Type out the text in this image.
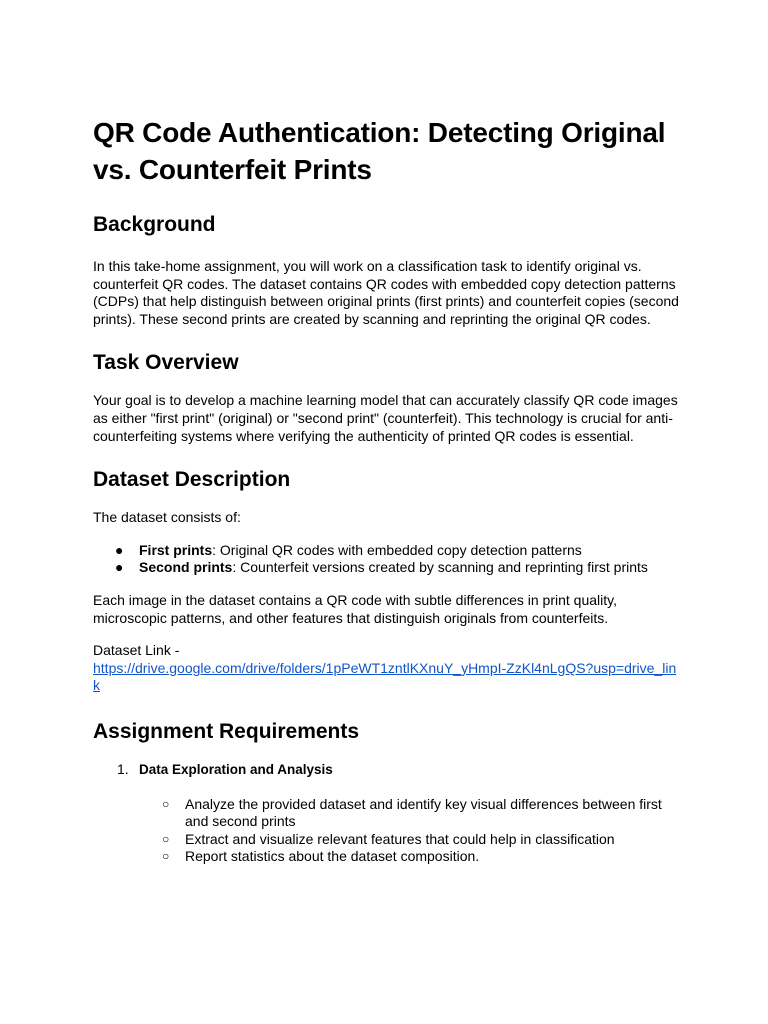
QR Code Authentication: Detecting Original vs. Counterfeit Prints
Background

In this take-home assignment, you will work on a classification task to identify original vs. counterfeit QR codes. The dataset contains QR codes with embedded copy detection patterns (CDPs) that help distinguish between original prints (first prints) and counterfeit copies (second prints). These second prints are created by scanning and reprinting the original QR codes.

Task Overview

Your goal is to develop a machine learning model that can accurately classify QR code images as either "first print" (original) or "second print" (counterfeit). This technology is crucial for anti-counterfeiting systems where verifying the authenticity of printed QR codes is essential.

Dataset Description

The dataset consists of:

● First prints: Original QR codes with embedded copy detection patterns
● Second prints: Counterfeit versions created by scanning and reprinting first prints

Each image in the dataset contains a QR code with subtle differences in print quality, microscopic patterns, and other features that distinguish originals from counterfeits.

Dataset Link -

https://drive.google.com/drive/folders/1pPeWT1zntlKXnuY_yHmpI-ZzKl4nLgQS?usp=drive_link
Assignment Requirements
1. Data Exploration and Analysis
○ Analyze the provided dataset and identify key visual differences between first and second prints
○ Extract and visualize relevant features that could help in classification
○ Report statistics about the dataset composition.
